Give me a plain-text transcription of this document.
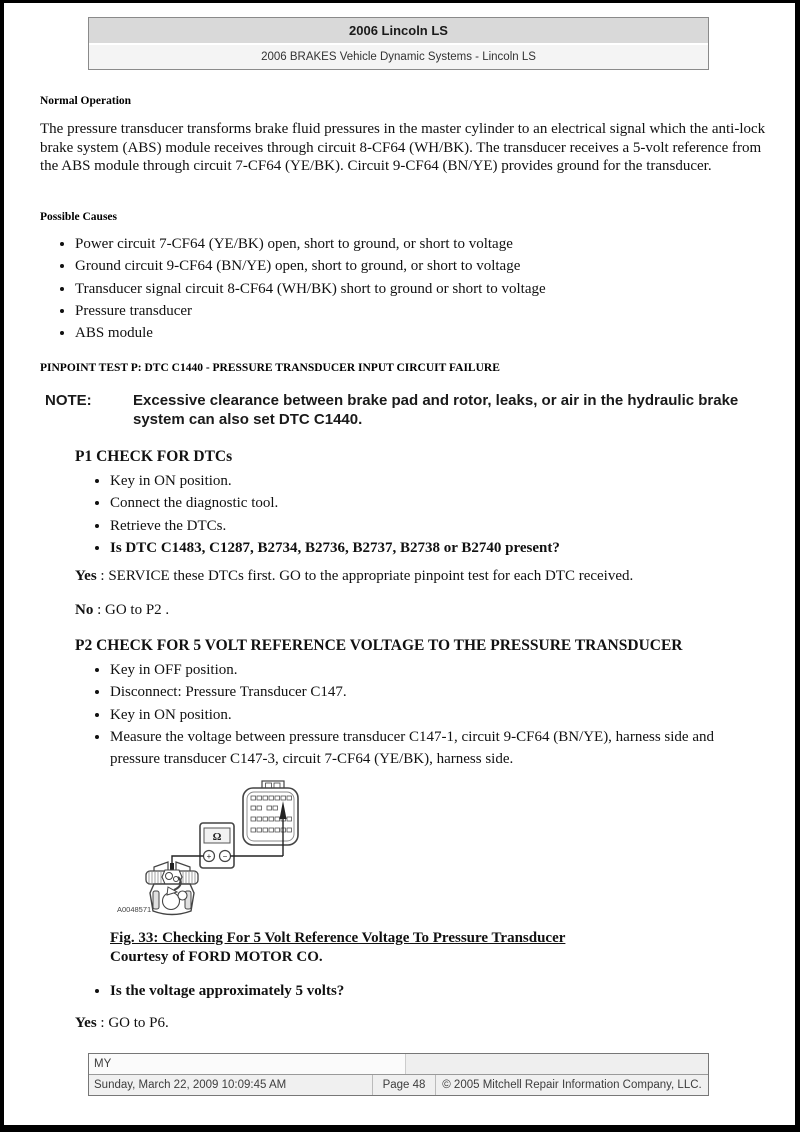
2006 Lincoln LS
2006 BRAKES Vehicle Dynamic Systems - Lincoln LS
Normal Operation
The pressure transducer transforms brake fluid pressures in the master cylinder to an electrical signal which the anti-lock brake system (ABS) module receives through circuit 8-CF64 (WH/BK). The transducer receives a 5-volt reference from the ABS module through circuit 7-CF64 (YE/BK). Circuit 9-CF64 (BN/YE) provides ground for the transducer.
Possible Causes
• Power circuit 7-CF64 (YE/BK) open, short to ground, or short to voltage
• Ground circuit 9-CF64 (BN/YE) open, short to ground, or short to voltage
• Transducer signal circuit 8-CF64 (WH/BK) short to ground or short to voltage
• Pressure transducer
• ABS module
PINPOINT TEST P: DTC C1440 - PRESSURE TRANSDUCER INPUT CIRCUIT FAILURE
NOTE:	Excessive clearance between brake pad and rotor, leaks, or air in the hydraulic brake system can also set DTC C1440.
P1 CHECK FOR DTCs
• Key in ON position.
• Connect the diagnostic tool.
• Retrieve the DTCs.
• Is DTC C1483, C1287, B2734, B2736, B2737, B2738 or B2740 present?
Yes : SERVICE these DTCs first. GO to the appropriate pinpoint test for each DTC received.
No : GO to P2 .
P2 CHECK FOR 5 VOLT REFERENCE VOLTAGE TO THE PRESSURE TRANSDUCER
• Key in OFF position.
• Disconnect: Pressure Transducer C147.
• Key in ON position.
• Measure the voltage between pressure transducer C147-1, circuit 9-CF64 (BN/YE), harness side and pressure transducer C147-3, circuit 7-CF64 (YE/BK), harness side.
Ω
+ −
A0048571
Fig. 33: Checking For 5 Volt Reference Voltage To Pressure Transducer
Courtesy of FORD MOTOR CO.
• Is the voltage approximately 5 volts?
Yes : GO to P6.
MY
Sunday, March 22, 2009 10:09:45 AM	Page 48	© 2005 Mitchell Repair Information Company, LLC.
